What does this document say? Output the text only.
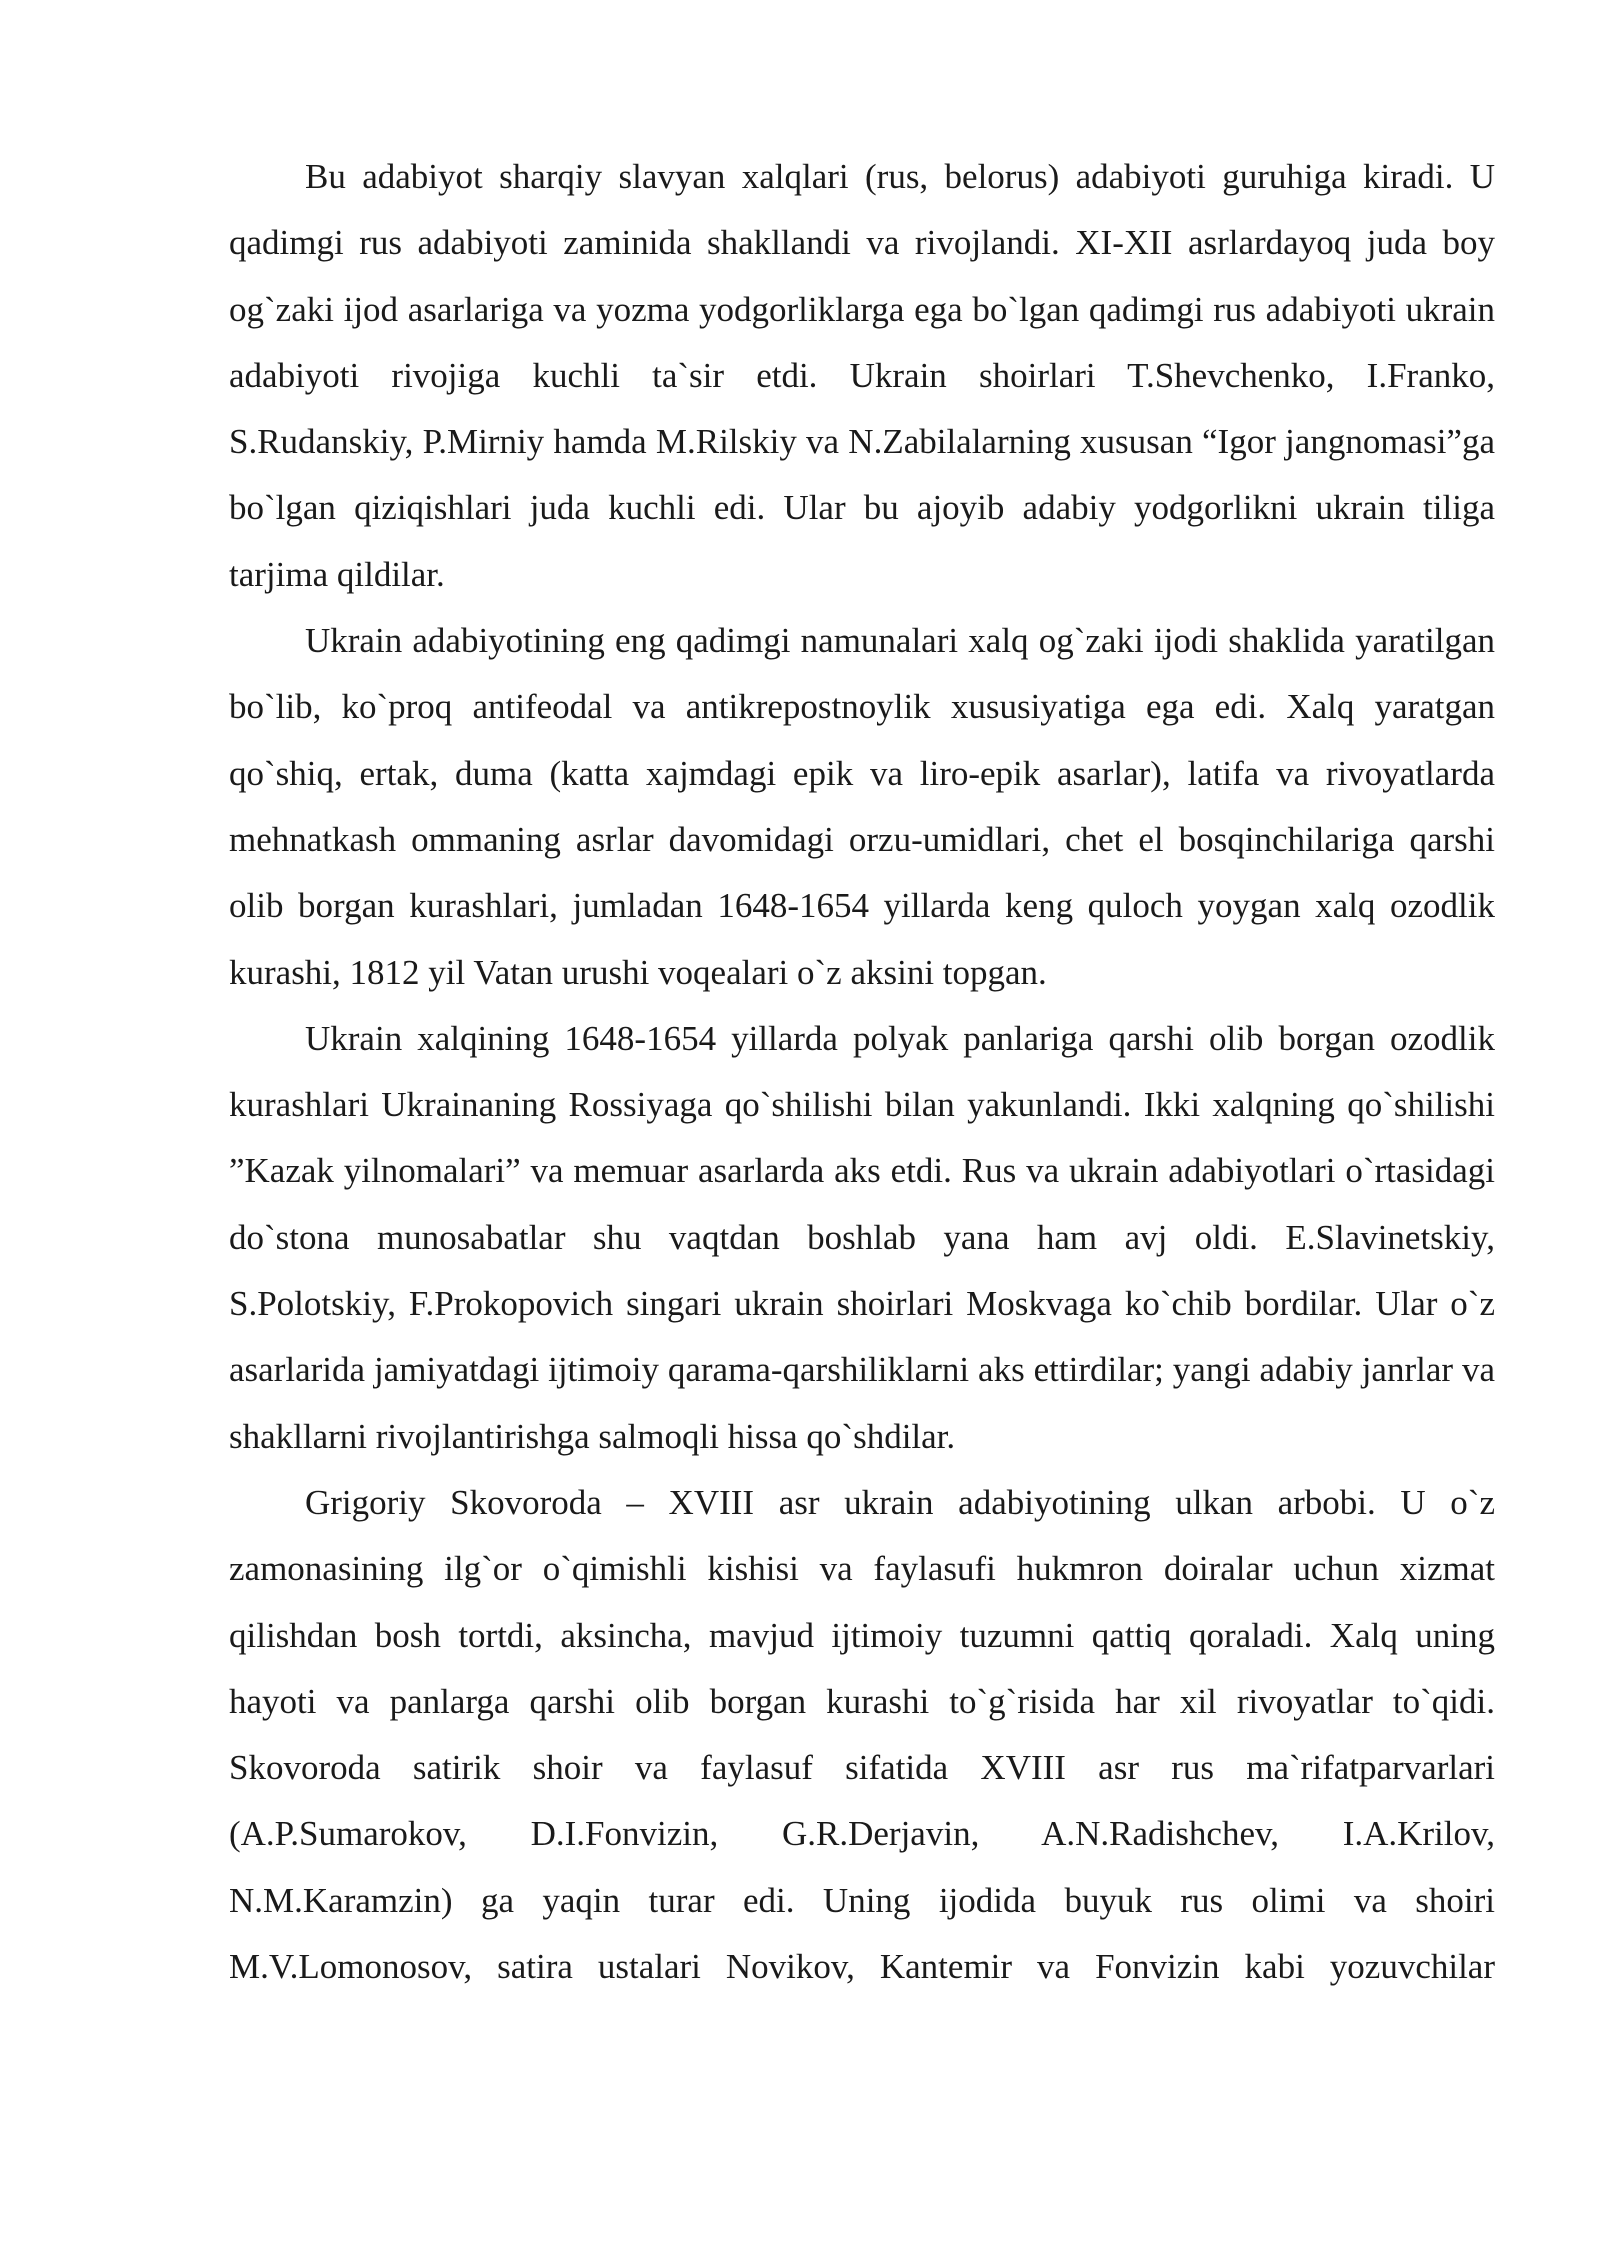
Bu adabiyot sharqiy slavyan xalqlari (rus, belorus) adabiyoti guruhiga kiradi. U qadimgi rus adabiyoti zaminida shakllandi va rivojlandi. XI-XII asrlardayoq juda boy og`zaki ijod asarlariga va yozma yodgorliklarga ega bo`lgan qadimgi rus adabiyoti ukrain adabiyoti rivojiga kuchli ta`sir etdi. Ukrain shoirlari T.Shevchenko, I.Franko, S.Rudanskiy, P.Mirniy hamda M.Rilskiy va N.Zabilalarning xususan “Igor jangnomasi”ga bo`lgan qiziqishlari juda kuchli edi. Ular bu ajoyib adabiy yodgorlikni ukrain tiliga tarjima qildilar.

Ukrain adabiyotining eng qadimgi namunalari xalq og`zaki ijodi shaklida yaratilgan bo`lib, ko`proq antifeodal va antikrepostnoylik xususiyatiga ega edi. Xalq yaratgan qo`shiq, ertak, duma (katta xajmdagi epik va liro-epik asarlar), latifa va rivoyatlarda mehnatkash ommaning asrlar davomidagi orzu-umidlari, chet el bosqinchilariga qarshi olib borgan kurashlari, jumladan 1648-1654 yillarda keng quloch yoygan xalq ozodlik kurashi, 1812 yil Vatan urushi voqealari o`z aksini topgan.

Ukrain xalqining 1648-1654 yillarda polyak panlariga qarshi olib borgan ozodlik kurashlari Ukrainaning Rossiyaga qo`shilishi bilan yakunlandi. Ikki xalqning qo`shilishi ”Kazak yilnomalari” va memuar asarlarda aks etdi. Rus va ukrain adabiyotlari o`rtasidagi do`stona munosabatlar shu vaqtdan boshlab yana ham avj oldi. E.Slavinetskiy, S.Polotskiy, F.Prokopovich singari ukrain shoirlari Moskvaga ko`chib bordilar. Ular o`z asarlarida jamiyatdagi ijtimoiy qarama-qarshiliklarni aks ettirdilar; yangi adabiy janrlar va shakllarni rivojlantirishga salmoqli hissa qo`shdilar.

Grigoriy Skovoroda – XVIII asr ukrain adabiyotining ulkan arbobi. U o`z zamonasining ilg`or o`qimishli kishisi va faylasufi hukmron doiralar uchun xizmat qilishdan bosh tortdi, aksincha, mavjud ijtimoiy tuzumni qattiq qoraladi. Xalq uning hayoti va panlarga qarshi olib borgan kurashi to`g`risida har xil rivoyatlar to`qidi. Skovoroda satirik shoir va faylasuf sifatida XVIII asr rus ma`rifatparvarlari (A.P.Sumarokov, D.I.Fonvizin, G.R.Derjavin, A.N.Radishchev, I.A.Krilov, N.M.Karamzin) ga yaqin turar edi. Uning ijodida buyuk rus olimi va shoiri M.V.Lomonosov, satira ustalari Novikov, Kantemir va Fonvizin kabi yozuvchilar
